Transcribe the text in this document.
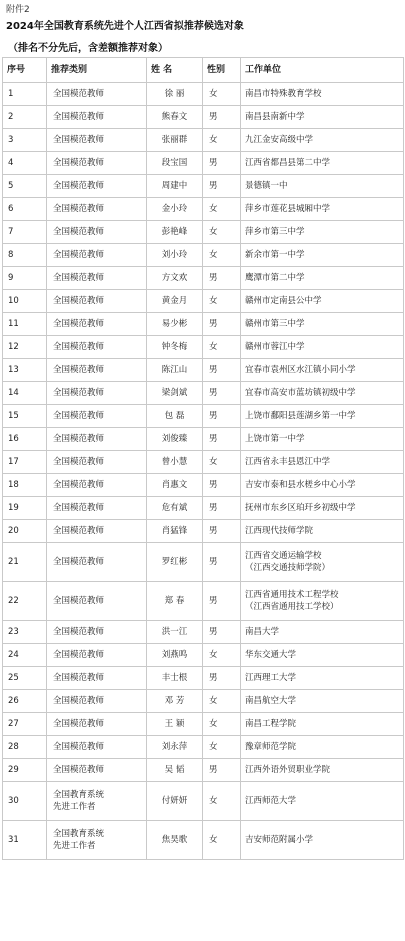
附件2
2024年全国教育系统先进个人江西省拟推荐候选对象
（排名不分先后，含差额推荐对象）
序号	推荐类别	姓 名	性别	工作单位

1	全国模范教师	徐 丽	女	南昌市特殊教育学校

2	全国模范教师	熊春文	男	南昌县南新中学

3	全国模范教师	张丽群	女	九江金安高级中学

4	全国模范教师	段宝国	男	江西省都昌县第二中学

5	全国模范教师	周建中	男	景德镇一中

6	全国模范教师	金小玲	女	萍乡市莲花县城厢中学

7	全国模范教师	彭艳峰	女	萍乡市第三中学

8	全国模范教师	刘小玲	女	新余市第一中学

9	全国模范教师	方文欢	男	鹰潭市第二中学

10	全国模范教师	黄金月	女	赣州市定南县឵公中学

11	全国模范教师	易少彬	男	赣州市第三中学

12	全国模范教师	钟冬梅	女	赣州市蓉江中学

13	全国模范教师	陈江山	男	宜春市袁州区水江镇小同小学

14	全国模范教师	梁剑斌	男	宜春市高安市蓝坊镇初级中学

15	全国模范教师	包 磊	男	上饶市鄱阳县莲湖乡第一中学

16	全国模范教师	刘俊臻	男	上饶市第一中学

17	全国模范教师	曾小慧	女	江西省永丰县恩江中学

18	全国模范教师	肖惠文	男	吉安市泰和县水槎乡中心小学

19	全国模范教师	危有斌	男	抚州市东乡区珀玕乡初级中学

20	全国模范教师	肖猛锋	男	江西现代技师学院

21	全国模范教师	罗红彬	男	江西省交通运输学校
（江西交通技师学院）

22	全国模范教师	郑 春	男	江西省通用技术工程学校
（江西省通用技工学校）

23	全国模范教师	洪一江	男	南昌大学

24	全国模范教师	刘燕鸣	女	华东交通大学

25	全国模范教师	丰士根	男	江西理工大学

26	全国模范教师	邓 芳	女	南昌航空大学

27	全国模范教师	王 颖	女	南昌工程学院

28	全国模范教师	刘永萍	女	豫章师范学院

29	全国模范教师	吴 韬	男	江西外语外贸职业学院

30	全国教育系统
先进工作者	付妍妍	女	江西师范大学

31	全国教育系统
先进工作者	焦昊歌	女	吉安师范附属小学
